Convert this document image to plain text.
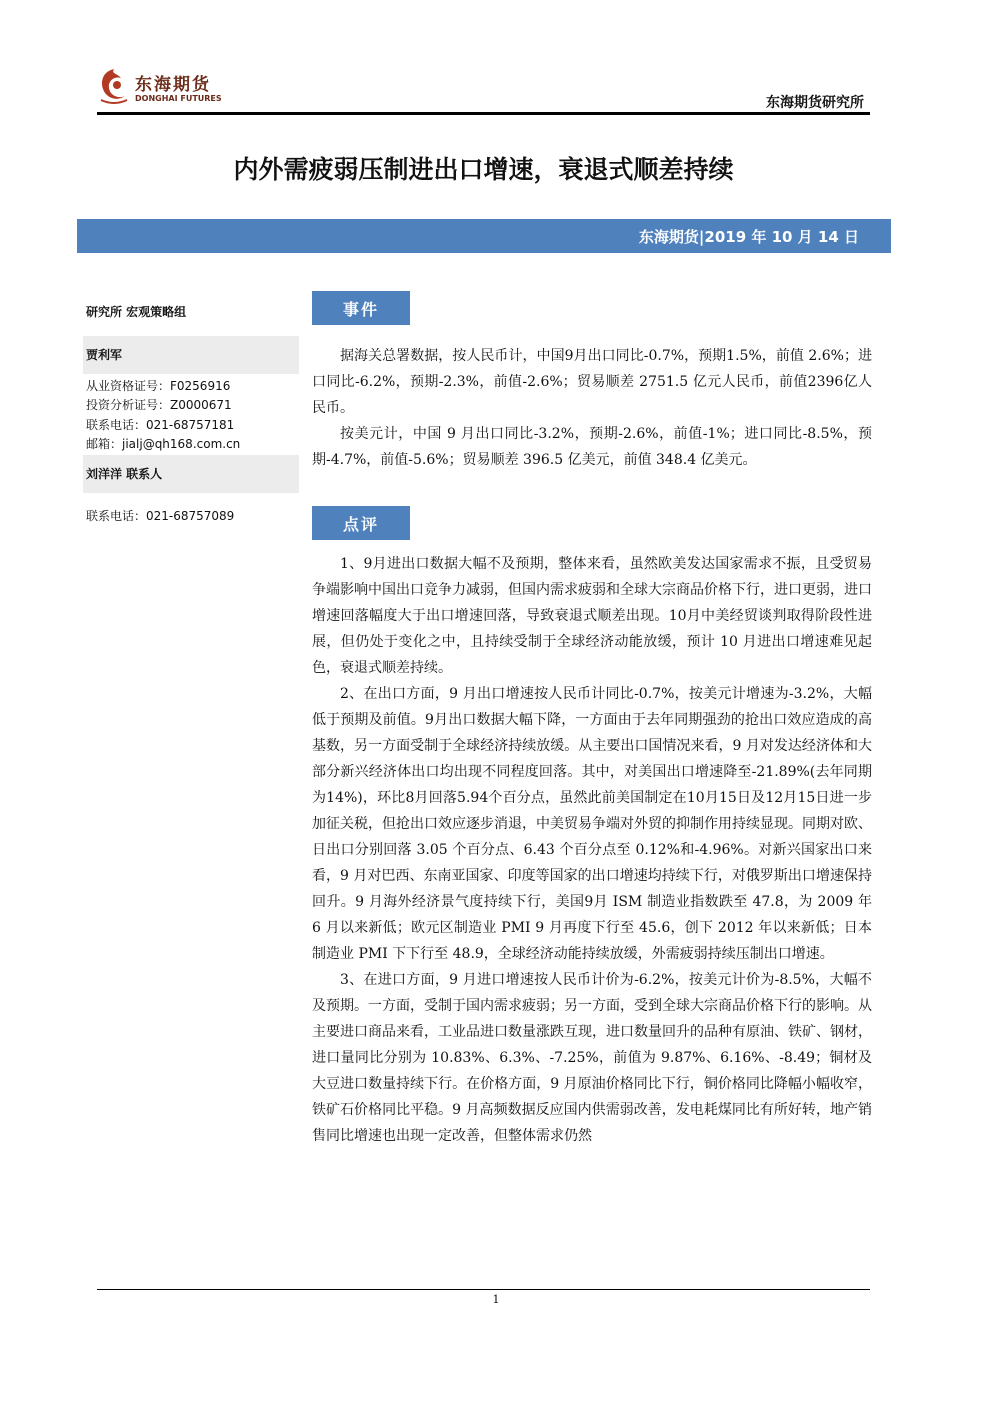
东海期货
DONGHAI FUTURES	东海期货研究所
内外需疲弱压制进出口增速，衰退式顺差持续
东海期货|2019 年 10 月 14 日
研究所 宏观策略组
贾利军
从业资格证号：F0256916
投资分析证号：Z0000671
联系电话：021-68757181
邮箱：jialj@qh168.com.cn
刘洋洋 联系人
联系电话：021-68757089
事件

据海关总署数据，按人民币计，中国9月出口同比-0.7%，预期1.5%，前值 2.6%；进口同比-6.2%，预期-2.3%，前值-2.6%；贸易顺差 2751.5 亿元人民币，前值2396亿人民币。

按美元计，中国 9 月出口同比-3.2%，预期-2.6%，前值-1%；进口同比-8.5%，预期-4.7%，前值-5.6%；贸易顺差 396.5 亿美元，前值 348.4 亿美元。

点评

1、9月进出口数据大幅不及预期，整体来看，虽然欧美发达国家需求不振，且受贸易争端影响中国出口竞争力减弱，但国内需求疲弱和全球大宗商品价格下行，进口更弱，进口增速回落幅度大于出口增速回落，导致衰退式顺差出现。10月中美经贸谈判取得阶段性进展，但仍处于变化之中，且持续受制于全球经济动能放缓，预计 10 月进出口增速难见起色，衰退式顺差持续。

2、在出口方面，9 月出口增速按人民币计同比-0.7%，按美元计增速为-3.2%，大幅低于预期及前值。9月出口数据大幅下降，一方面由于去年同期强劲的抢出口效应造成的高基数，另一方面受制于全球经济持续放缓。从主要出口国情况来看，9 月对发达经济体和大部分新兴经济体出口均出现不同程度回落。其中，对美国出口增速降至-21.89%(去年同期为14%)，环比8月回落5.94个百分点，虽然此前美国制定在10月15日及12月15日进一步加征关税，但抢出口效应逐步消退，中美贸易争端对外贸的抑制作用持续显现。同期对欧、日出口分别回落 3.05 个百分点、6.43 个百分点至 0.12%和-4.96%。对新兴国家出口来看，9 月对巴西、东南亚国家、印度等国家的出口增速均持续下行，对俄罗斯出口增速保持回升。9 月海外经济景气度持续下行，美国9月 ISM 制造业指数跌至 47.8，为 2009 年 6 月以来新低；欧元区制造业 PMI 9 月再度下行至 45.6，创下 2012 年以来新低；日本制造业 PMI 下下行至 48.9，全球经济动能持续放缓，外需疲弱持续压制出口增速。

3、在进口方面，9 月进口增速按人民币计价为-6.2%，按美元计价为-8.5%，大幅不及预期。一方面，受制于国内需求疲弱；另一方面，受到全球大宗商品价格下行的影响。从主要进口商品来看，工业品进口数量涨跌互现，进口数量回升的品种有原油、铁矿、钢材，进口量同比分别为 10.83%、6.3%、-7.25%，前值为 9.87%、6.16%、-8.49；铜材及大豆进口数量持续下行。在价格方面，9 月原油价格同比下行，铜价格同比降幅小幅收窄，铁矿石价格同比平稳。9 月高频数据反应国内供需弱改善，发电耗煤同比有所好转，地产销售同比增速也出现一定改善，但整体需求仍然

1
